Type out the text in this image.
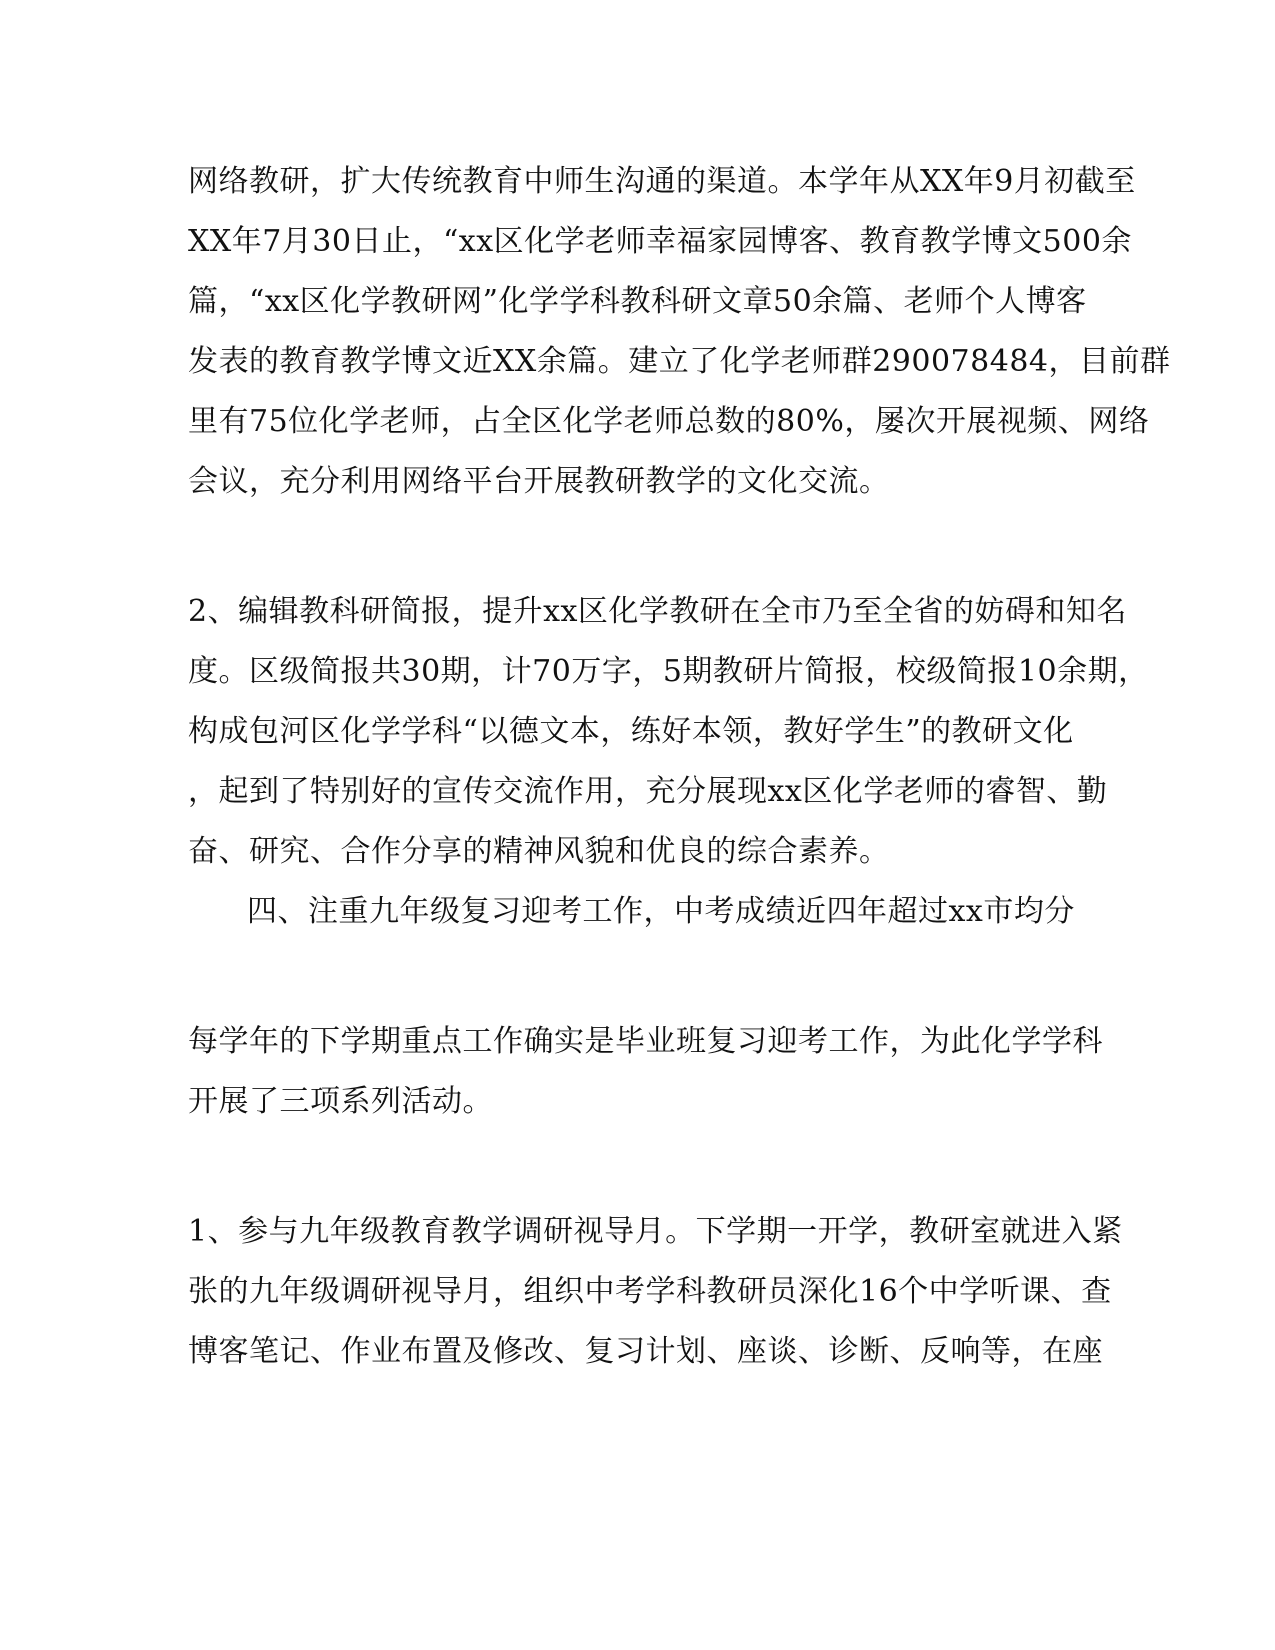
网络教研，扩大传统教育中师生沟通的渠道。本学年从XX年9月初截至
XX年7月30日止，“xx区化学老师幸福家园博客、教育教学博文500余
篇，“xx区化学教研网”化学学科教科研文章50余篇、老师个人博客
发表的教育教学博文近XX余篇。建立了化学老师群290078484，目前群
里有75位化学老师，占全区化学老师总数的80%，屡次开展视频、网络
会议，充分利用网络平台开展教研教学的文化交流。
2、编辑教科研简报，提升xx区化学教研在全市乃至全省的妨碍和知名
度。区级简报共30期，计70万字，5期教研片简报，校级简报10余期，
构成包河区化学学科“以德文本，练好本领，教好学生”的教研文化
，起到了特别好的宣传交流作用，充分展现xx区化学老师的睿智、勤
奋、研究、合作分享的精神风貌和优良的综合素养。
四、注重九年级复习迎考工作，中考成绩近四年超过xx市均分
每学年的下学期重点工作确实是毕业班复习迎考工作，为此化学学科
开展了三项系列活动。
1、参与九年级教育教学调研视导月。下学期一开学，教研室就进入紧
张的九年级调研视导月，组织中考学科教研员深化16个中学听课、查
博客笔记、作业布置及修改、复习计划、座谈、诊断、反响等，在座
